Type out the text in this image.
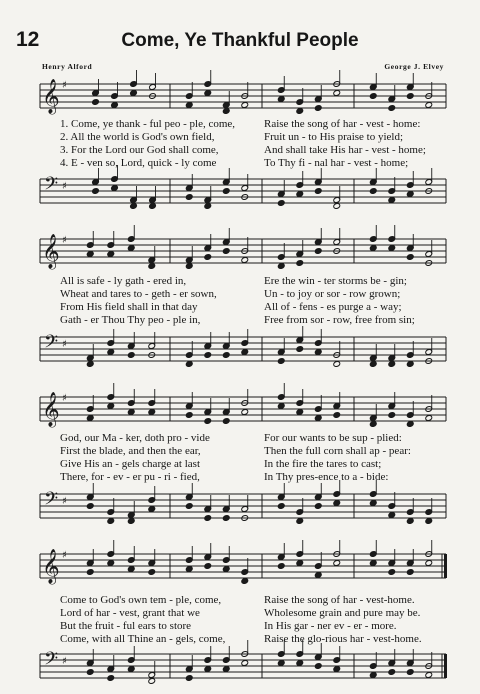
12	Come, Ye Thankful People
Henry Alford	George J. Elvey
𝄞 ♯
1. Come, ye thank - ful peo - ple, come,	Raise the song of har - vest - home:
2. All the world is God's own field,	Fruit un - to His praise to yield;
3. For the Lord our God shall come,	And shall take His har - vest - home;
4. E - ven so, Lord, quick - ly come	To Thy fi - nal har - vest - home;
𝄢 ♯
𝄞 ♯
All is safe - ly gath - ered in,	Ere the win - ter storms be - gin;
Wheat and tares to - geth - er sown,	Un - to joy or sor - row grown;
From His field shall in that day	All of - fens - es purge a - way;
Gath - er Thou Thy peo - ple in,	Free from sor - row, free from sin;
𝄢 ♯
𝄞 ♯
God, our Ma - ker, doth pro - vide	For our wants to be sup - plied:
First the blade, and then the ear,	Then the full corn shall ap - pear:
Give His an - gels charge at last	In the fire the tares to cast;
There, for - ev - er pu - ri - fied,	In Thy pres-ence to a - bide:
𝄢 ♯
𝄞 ♯
Come to God's own tem - ple, come,	Raise the song of har - vest-home.
Lord of har - vest, grant that we	Wholesome grain and pure may be.
But the fruit - ful ears to store	In His gar - ner ev - er - more.
Come, with all Thine an - gels, come,	Raise the glo-rious har - vest-home.
𝄢 ♯
